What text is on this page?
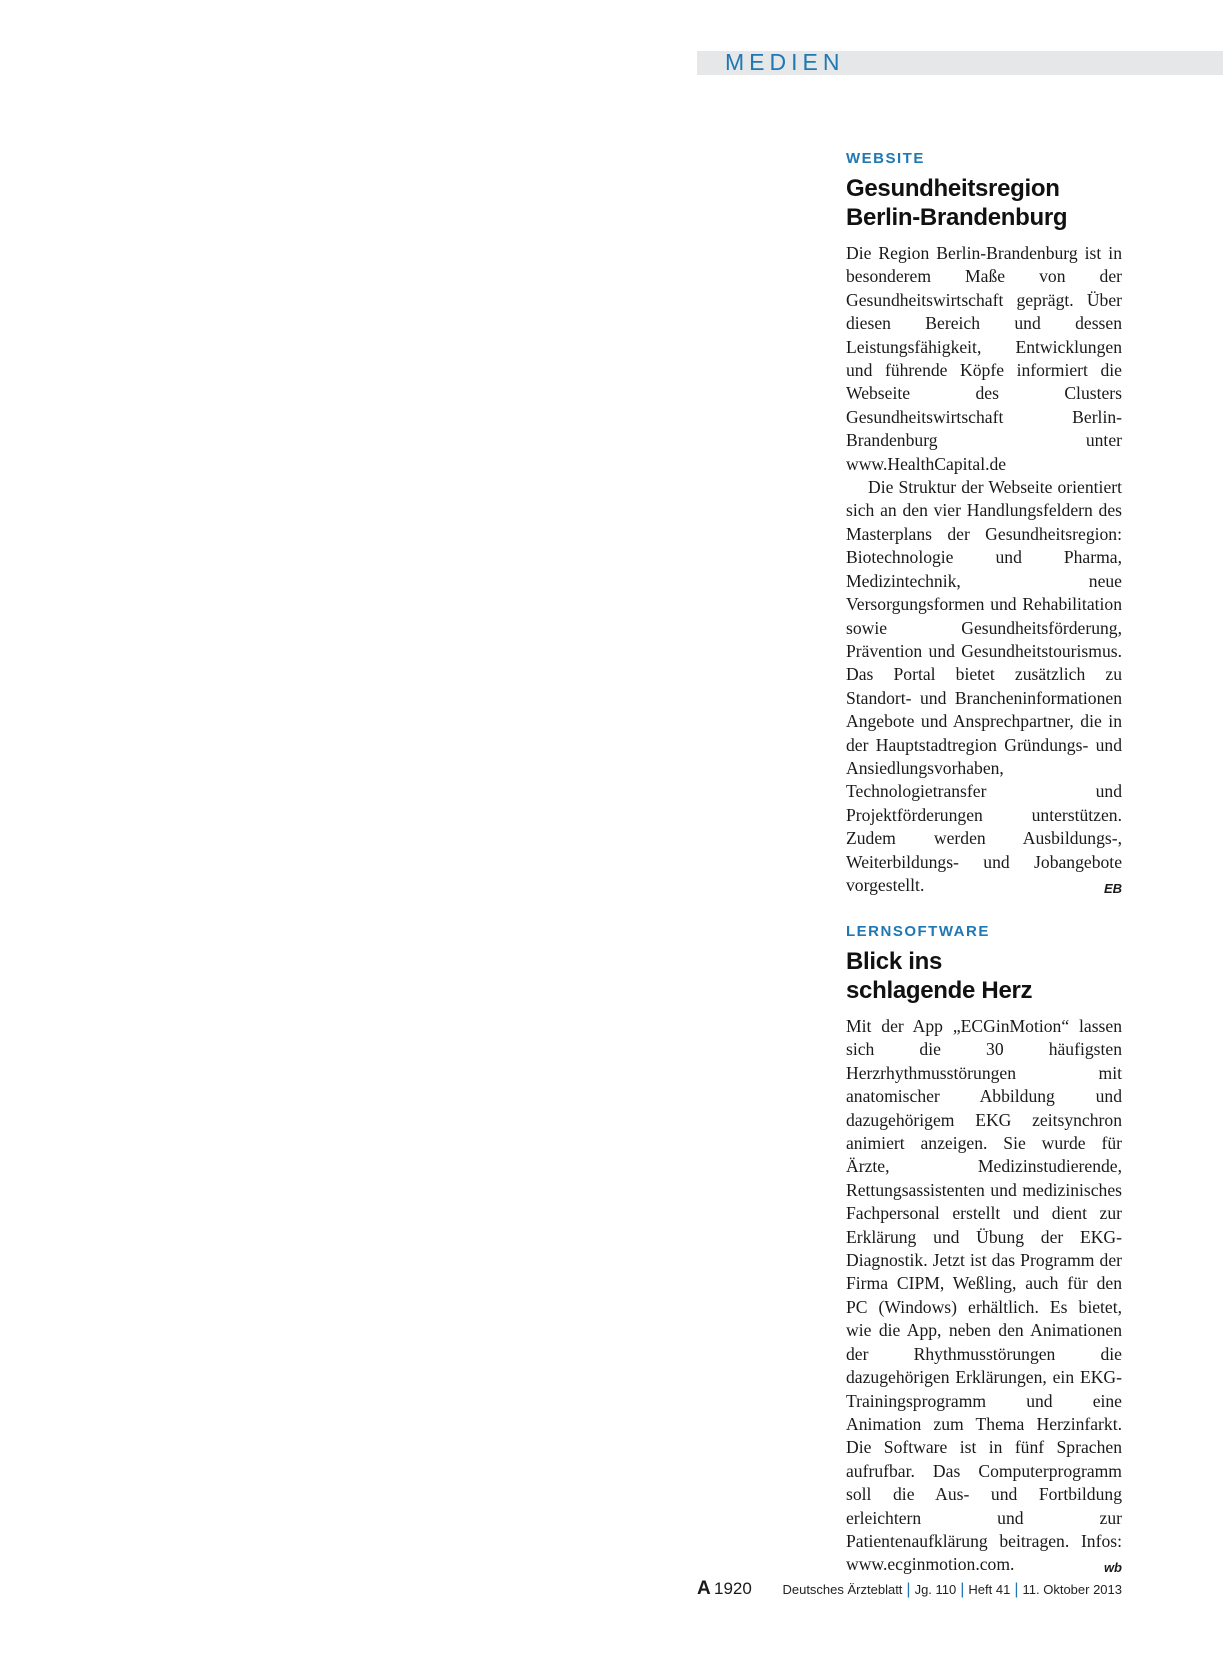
MEDIEN

WEBSITE

Gesundheitsregion
Berlin-Brandenburg

Die Region Berlin-Brandenburg ist in besonderem Maße von der Gesundheitswirtschaft geprägt. Über diesen Bereich und dessen Leistungsfähigkeit, Entwicklungen und führende Köpfe informiert die Webseite des Clusters Gesundheitswirtschaft Berlin-Brandenburg unter www.HealthCapital.de

Die Struktur der Webseite orientiert sich an den vier Handlungsfeldern des Masterplans der Gesundheitsregion: Biotechnologie und Pharma, Medizintechnik, neue Versorgungsformen und Rehabilitation sowie Gesundheitsförderung, Prävention und Gesundheitstourismus. Das Portal bietet zusätzlich zu Standort- und Brancheninformationen Angebote und Ansprechpartner, die in der Hauptstadtregion Gründungs- und Ansiedlungsvorhaben, Technologietransfer und Projektförderungen unterstützen. Zudem werden Ausbildungs-, Weiterbildungs- und Jobangebote vorgestellt.	EB

LERNSOFTWARE

Blick ins
schlagende Herz

Mit der App „ECGinMotion“ lassen sich die 30 häufigsten Herzrhythmusstörungen mit anatomischer Abbildung und dazugehörigem EKG zeitsynchron animiert anzeigen. Sie wurde für Ärzte, Medizinstudierende, Rettungsassistenten und medizinisches Fachpersonal erstellt und dient zur Erklärung und Übung der EKG-Diagnostik. Jetzt ist das Programm der Firma CIPM, Weßling, auch für den PC (Windows) erhältlich. Es bietet, wie die App, neben den Animationen der Rhythmusstörungen die dazugehörigen Erklärungen, ein EKG-Trainingsprogramm und eine Animation zum Thema Herzinfarkt. Die Software ist in fünf Sprachen aufrufbar. Das Computerprogramm soll die Aus- und Fortbildung erleichtern und zur Patientenaufklärung beitragen. Infos: www.ecginmotion.com.	wb

A 1920 Deutsches Ärzteblatt | Jg. 110 | Heft 41 | 11. Oktober 2013
